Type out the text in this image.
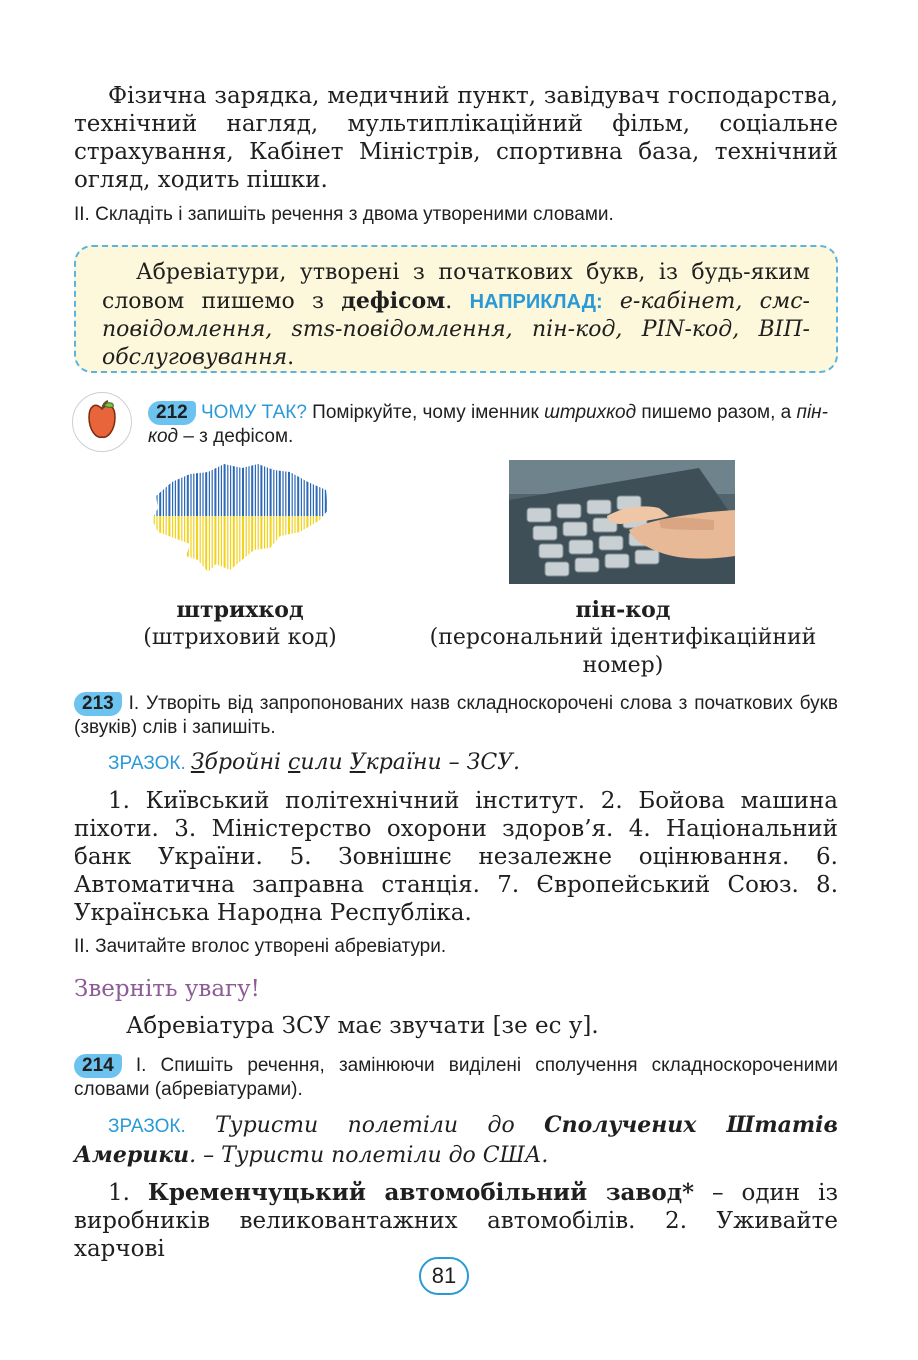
Фізична зарядка, медичний пункт, завідувач господарства, технічний нагляд, мультиплікаційний фільм, соціальне страхування, Кабінет Міністрів, спортивна база, технічний огляд, ходить пішки.

ІІ. Складіть і запишіть речення з двома утвореними словами.

Абревіатури, утворені з початкових букв, із будь-яким словом пишемо з дефісом. НАПРИКЛАД: е-кабінет, смс-повідомлення, sms-повідомлення, пін-код, PIN-код, ВІП-обслуговування.

212 ЧОМУ ТАК? Поміркуйте, чому іменник штрихкод пишемо разом, а пін-код – з дефісом.
штрихкод
(штриховий код)
пін-код
(персональний ідентифікаційний номер)
213 І. Утворіть від запропонованих назв складноскорочені слова з початкових букв (звуків) слів і запишіть.
ЗРАЗОК. Збройні сили України – ЗСУ.

1. Київський політехнічний інститут. 2. Бойова машина піхоти. 3. Міністерство охорони здоров’я. 4. Національний банк України. 5. Зовнішнє незалежне оцінювання. 6. Автоматична заправна станція. 7. Європейський Союз. 8. Українська Народна Республіка.

ІІ. Зачитайте вголос утворені абревіатури.

Зверніть увагу!
Абревіатура ЗСУ має звучати [зе ес у].
214 І. Спишіть речення, замінюючи виділені сполучення складноскороченими словами (абревіатурами).
ЗРАЗОК. Туристи полетіли до Сполучених Штатів Америки. – Туристи полетіли до США.

1. Кременчуцький автомобільний завод* – один із виробників великовантажних автомобілів. 2. Уживайте харчові

81
